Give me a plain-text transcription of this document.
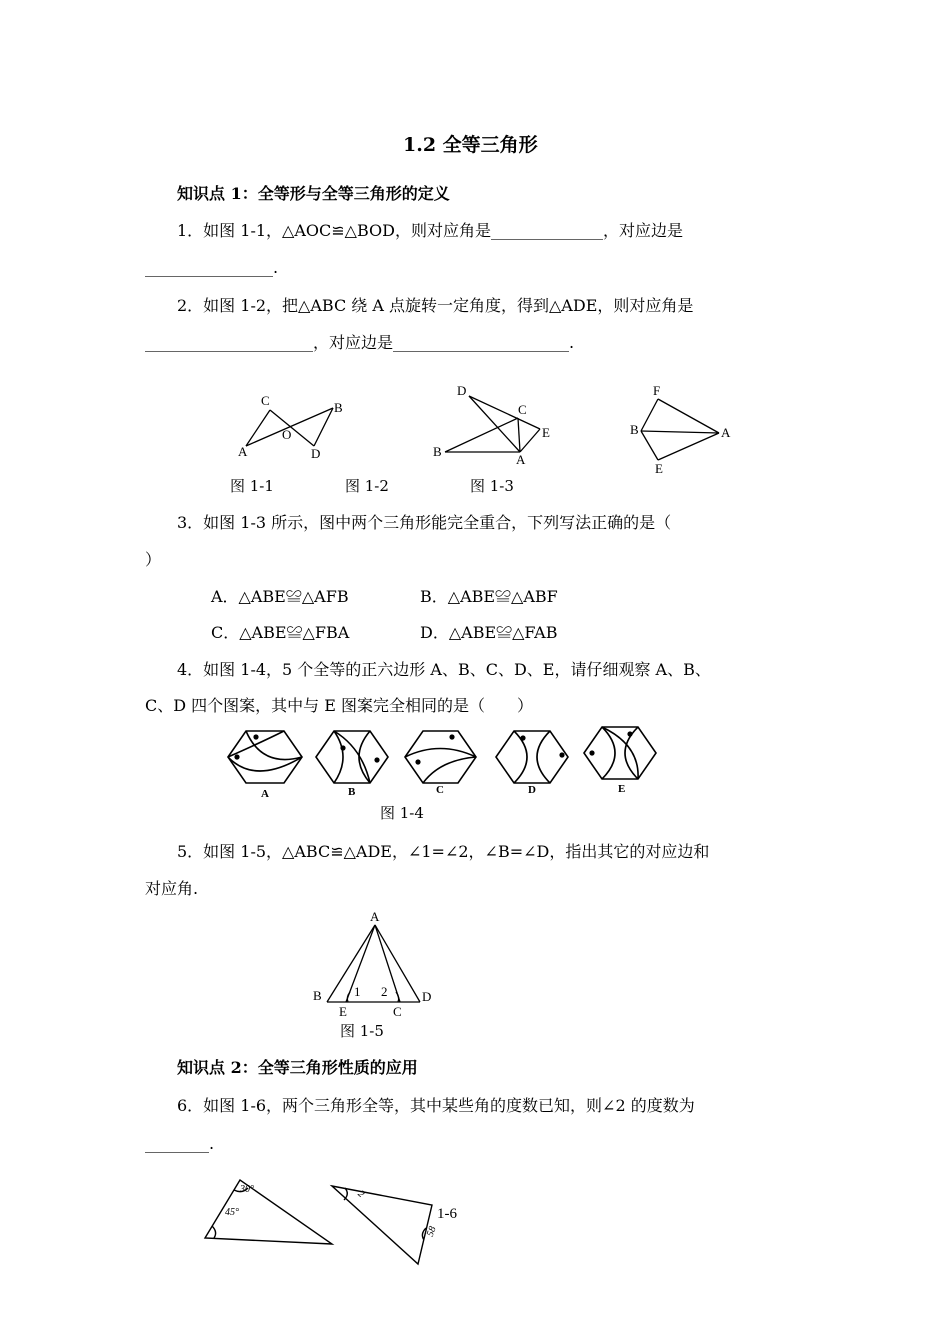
1.2 全等三角形
知识点 1：全等形与全等三角形的定义
1．如图 1-1，△AOC≌△BOD，则对应角是______________，对应边是
________________.
2．如图 1-2，把△ABC 绕 A 点旋转一定角度，得到△ADE，则对应角是
_____________________，对应边是______________________.
C	B
O
A	D
D
C
E
B
A
F
B	A
E
图 1-1	图 1-2	图 1-3
3．如图 1-3 所示，图中两个三角形能完全重合，下列写法正确的是（
）
A．△ABE≌△AFB	B．△ABE≌△ABF
C．△ABE≌△FBA	D．△ABE≌△FAB
4．如图 1-4，5 个全等的正六边形 A、B、C、D、E，请仔细观察 A、B、
C、D 四个图案，其中与 E 图案完全相同的是（　　）
A	B	C	D	E
图 1-4
5．如图 1-5，△ABC≌△ADE，∠1=∠2，∠B=∠D，指出其它的对应边和
对应角.
A
B	D
E	C
1 2
图 1-5
知识点 2：全等三角形性质的应用
6．如图 1-6，两个三角形全等，其中某些角的度数已知，则∠2 的度数为
________.
30°
45°
2
58
1-6
